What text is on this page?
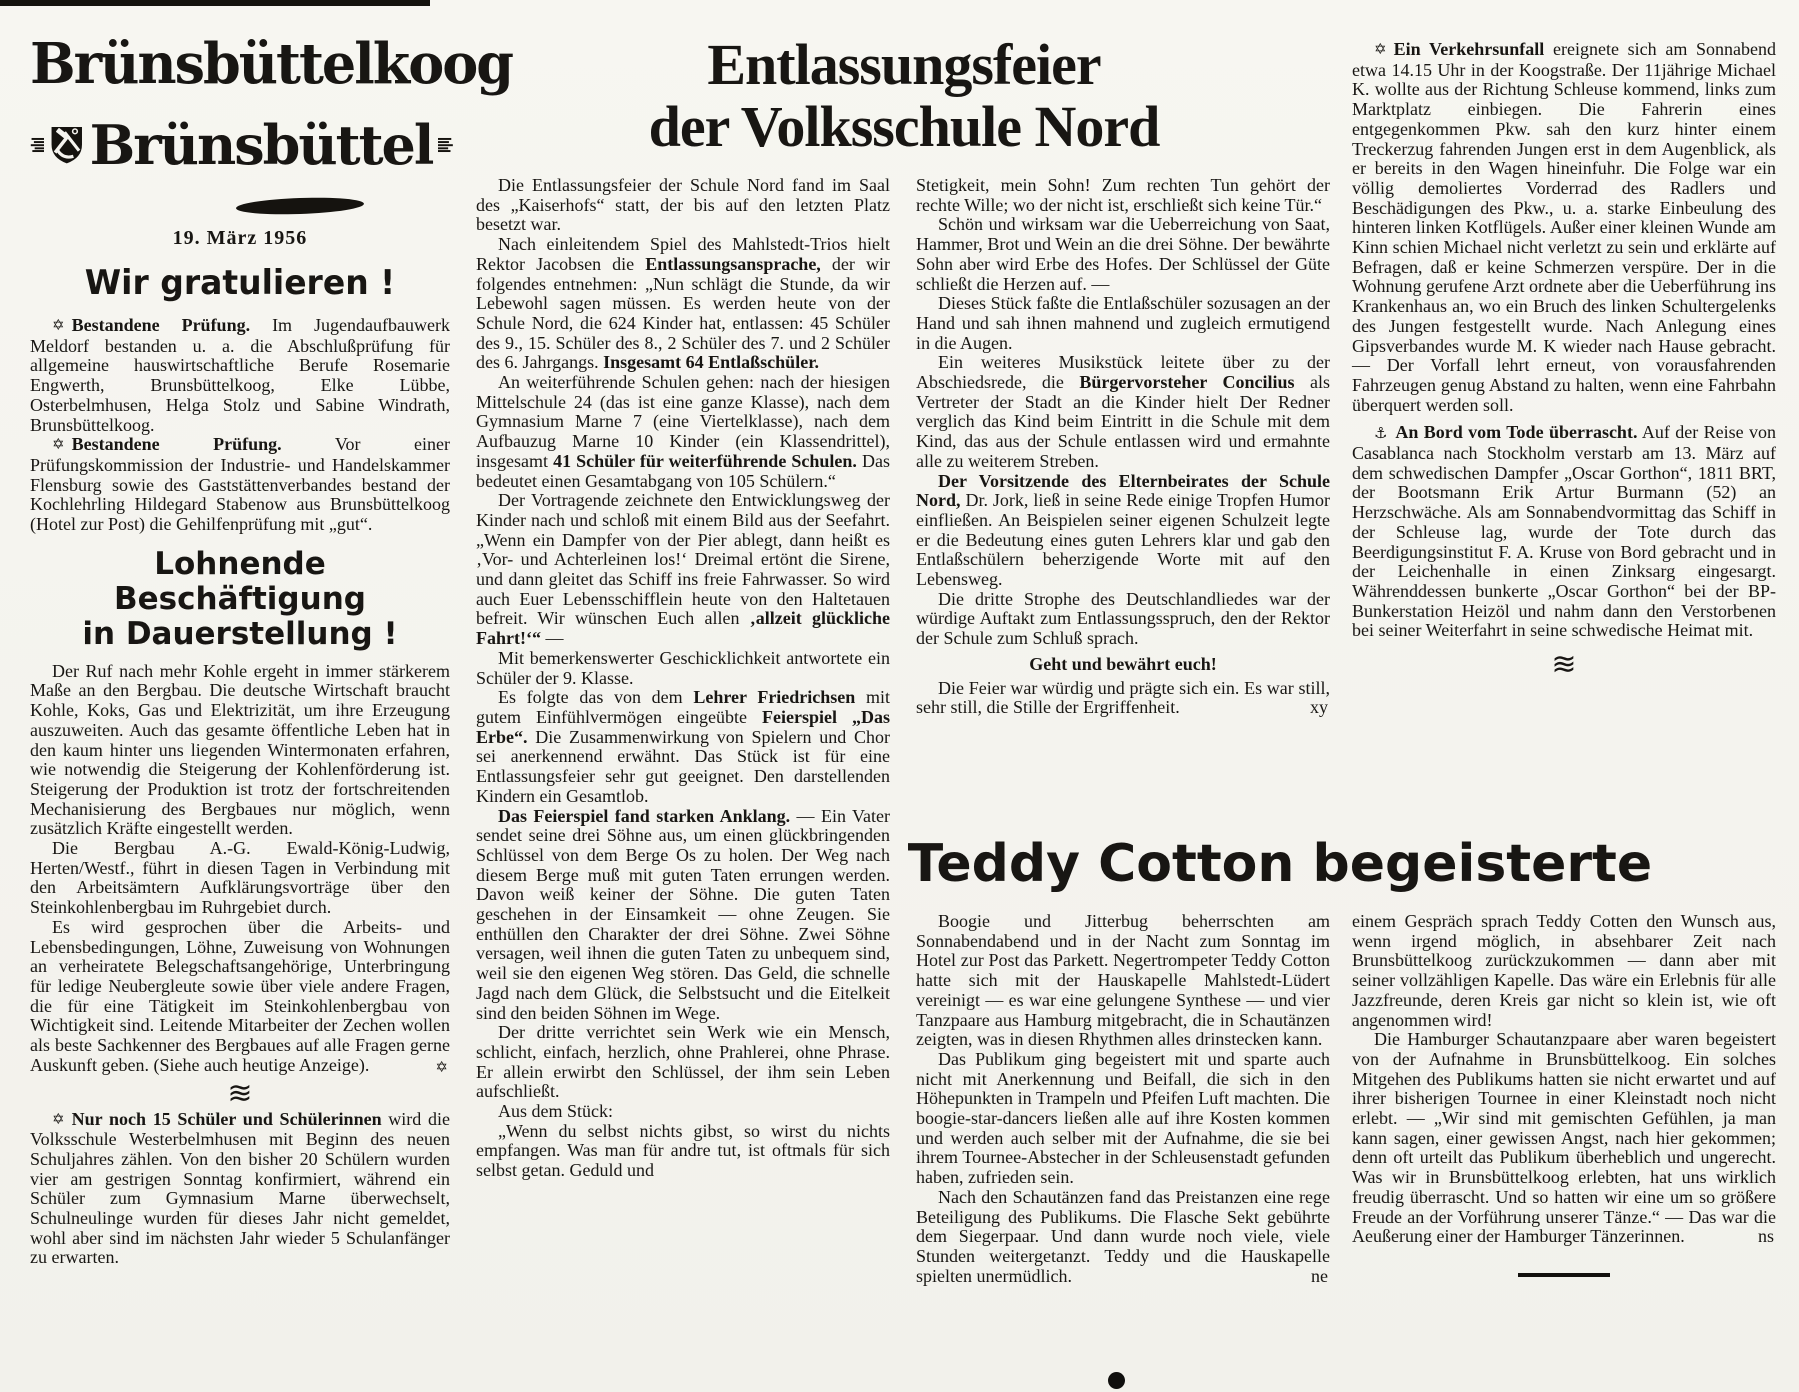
Brünsbüttelkoog
Brünsbüttel
19. März 1956
Wir gratulieren !

✡ Bestandene Prüfung. Im Jugendaufbauwerk Meldorf bestanden u. a. die Abschlußprüfung für allgemeine hauswirtschaftliche Berufe Rosemarie Engwerth, Brunsbüttelkoog, Elke Lübbe, Osterbelmhusen, Helga Stolz und Sabine Windrath, Brunsbüttelkoog.

✡ Bestandene Prüfung. Vor einer Prüfungskommission der Industrie- und Handelskammer Flensburg sowie des Gaststättenverbandes bestand der Kochlehrling Hildegard Stabenow aus Brunsbüttelkoog (Hotel zur Post) die Gehilfenprüfung mit „gut“.

Lohnende Beschäftigung
in Dauerstellung !

Der Ruf nach mehr Kohle ergeht in immer stärkerem Maße an den Bergbau. Die deutsche Wirtschaft braucht Kohle, Koks, Gas und Elektrizität, um ihre Erzeugung auszuweiten. Auch das gesamte öffentliche Leben hat in den kaum hinter uns liegenden Wintermonaten erfahren, wie notwendig die Steigerung der Kohlenförderung ist. Steigerung der Produktion ist trotz der fortschreitenden Mechanisierung des Bergbaues nur möglich, wenn zusätzlich Kräfte eingestellt werden.

Die Bergbau A.-G. Ewald-König-Ludwig, Herten/Westf., führt in diesen Tagen in Verbindung mit den Arbeitsämtern Aufklärungsvorträge über den Steinkohlenbergbau im Ruhrgebiet durch.

Es wird gesprochen über die Arbeits- und Lebensbedingungen, Löhne, Zuweisung von Wohnungen an verheiratete Belegschaftsangehörige, Unterbringung für ledige Neubergleute sowie über viele andere Fragen, die für eine Tätigkeit im Steinkohlenbergbau von Wichtigkeit sind. Leitende Mitarbeiter der Zechen wollen als beste Sachkenner des Bergbaues auf alle Fragen gerne Auskunft geben. (Siehe auch heutige Anzeige).	✡

≋

✡ Nur noch 15 Schüler und Schülerinnen wird die Volksschule Westerbelmhusen mit Beginn des neuen Schuljahres zählen. Von den bisher 20 Schülern wurden vier am gestrigen Sonntag konfirmiert, während ein Schüler zum Gymnasium Marne überwechselt, Schulneulinge wurden für dieses Jahr nicht gemeldet, wohl aber sind im nächsten Jahr wieder 5 Schulanfänger zu erwarten.

Entlassungsfeier
der Volksschule Nord

Die Entlassungsfeier der Schule Nord fand im Saal des „Kaiserhofs“ statt, der bis auf den letzten Platz besetzt war.

Nach einleitendem Spiel des Mahlstedt-Trios hielt Rektor Jacobsen die Entlassungsansprache, der wir folgendes entnehmen: „Nun schlägt die Stunde, da wir Lebewohl sagen müssen. Es werden heute von der Schule Nord, die 624 Kinder hat, entlassen: 45 Schüler des 9., 15. Schüler des 8., 2 Schüler des 7. und 2 Schüler des 6. Jahrgangs. Insgesamt 64 Entlaßschüler.

An weiterführende Schulen gehen: nach der hiesigen Mittelschule 24 (das ist eine ganze Klasse), nach dem Gymnasium Marne 7 (eine Viertelklasse), nach dem Aufbauzug Marne 10 Kinder (ein Klassendrittel), insgesamt 41 Schüler für weiterführende Schulen. Das bedeutet einen Gesamtabgang von 105 Schülern.“

Der Vortragende zeichnete den Entwicklungsweg der Kinder nach und schloß mit einem Bild aus der Seefahrt. „Wenn ein Dampfer von der Pier ablegt, dann heißt es ‚Vor- und Achterleinen los!‘ Dreimal ertönt die Sirene, und dann gleitet das Schiff ins freie Fahrwasser. So wird auch Euer Lebensschifflein heute von den Haltetauen befreit. Wir wünschen Euch allen ‚allzeit glückliche Fahrt!‘“ —

Mit bemerkenswerter Geschicklichkeit antwortete ein Schüler der 9. Klasse.

Es folgte das von dem Lehrer Friedrichsen mit gutem Einfühlvermögen eingeübte Feierspiel „Das Erbe“. Die Zusammenwirkung von Spielern und Chor sei anerkennend erwähnt. Das Stück ist für eine Entlassungsfeier sehr gut geeignet. Den darstellenden Kindern ein Gesamtlob.

Das Feierspiel fand starken Anklang. — Ein Vater sendet seine drei Söhne aus, um einen glückbringenden Schlüssel von dem Berge Os zu holen. Der Weg nach diesem Berge muß mit guten Taten errungen werden. Davon weiß keiner der Söhne. Die guten Taten geschehen in der Einsamkeit — ohne Zeugen. Sie enthüllen den Charakter der drei Söhne. Zwei Söhne versagen, weil ihnen die guten Taten zu unbequem sind, weil sie den eigenen Weg stören. Das Geld, die schnelle Jagd nach dem Glück, die Selbstsucht und die Eitelkeit sind den beiden Söhnen im Wege.

Der dritte verrichtet sein Werk wie ein Mensch, schlicht, einfach, herzlich, ohne Prahlerei, ohne Phrase. Er allein erwirbt den Schlüssel, der ihm sein Leben aufschließt.

Aus dem Stück:

„Wenn du selbst nichts gibst, so wirst du nichts empfangen. Was man für andre tut, ist oftmals für sich selbst getan. Geduld und

Stetigkeit, mein Sohn! Zum rechten Tun gehört der rechte Wille; wo der nicht ist, erschließt sich keine Tür.“

Schön und wirksam war die Ueberreichung von Saat, Hammer, Brot und Wein an die drei Söhne. Der bewährte Sohn aber wird Erbe des Hofes. Der Schlüssel der Güte schließt die Herzen auf. —

Dieses Stück faßte die Entlaßschüler sozusagen an der Hand und sah ihnen mahnend und zugleich ermutigend in die Augen.

Ein weiteres Musikstück leitete über zu der Abschiedsrede, die Bürgervorsteher Concilius als Vertreter der Stadt an die Kinder hielt Der Redner verglich das Kind beim Eintritt in die Schule mit dem Kind, das aus der Schule entlassen wird und ermahnte alle zu weiterem Streben.

Der Vorsitzende des Elternbeirates der Schule Nord, Dr. Jork, ließ in seine Rede einige Tropfen Humor einfließen. An Beispielen seiner eigenen Schulzeit legte er die Bedeutung eines guten Lehrers klar und gab den Entlaßschülern beherzigende Worte mit auf den Lebensweg.

Die dritte Strophe des Deutschlandliedes war der würdige Auftakt zum Entlassungsspruch, den der Rektor der Schule zum Schluß sprach.

Geht und bewährt euch!

Die Feier war würdig und prägte sich ein. Es war still, sehr still, die Stille der Ergriffenheit.	xy

✡ Ein Verkehrsunfall ereignete sich am Sonnabend etwa 14.15 Uhr in der Koogstraße. Der 11jährige Michael K. wollte aus der Richtung Schleuse kommend, links zum Marktplatz einbiegen. Die Fahrerin eines entgegenkommen Pkw. sah den kurz hinter einem Treckerzug fahrenden Jungen erst in dem Augenblick, als er bereits in den Wagen hineinfuhr. Die Folge war ein völlig demoliertes Vorderrad des Radlers und Beschädigungen des Pkw., u. a. starke Einbeulung des hinteren linken Kotflügels. Außer einer kleinen Wunde am Kinn schien Michael nicht verletzt zu sein und erklärte auf Befragen, daß er keine Schmerzen verspüre. Der in die Wohnung gerufene Arzt ordnete aber die Ueberführung ins Krankenhaus an, wo ein Bruch des linken Schultergelenks des Jungen festgestellt wurde. Nach Anlegung eines Gipsverbandes wurde M. K wieder nach Hause gebracht. — Der Vorfall lehrt erneut, von vorausfahrenden Fahrzeugen genug Abstand zu halten, wenn eine Fahrbahn überquert werden soll.

⚓ An Bord vom Tode überrascht. Auf der Reise von Casablanca nach Stockholm verstarb am 13. März auf dem schwedischen Dampfer „Oscar Gorthon“, 1811 BRT, der Bootsmann Erik Artur Burmann (52) an Herzschwäche. Als am Sonnabendvormittag das Schiff in der Schleuse lag, wurde der Tote durch das Beerdigungsinstitut F. A. Kruse von Bord gebracht und in der Leichenhalle in einen Zinksarg eingesargt. Währenddessen bunkerte „Oscar Gorthon“ bei der BP-Bunkerstation Heizöl und nahm dann den Verstorbenen bei seiner Weiterfahrt in seine schwedische Heimat mit.

≋
Teddy Cotton begeisterte

Boogie und Jitterbug beherrschten am Sonnabendabend und in der Nacht zum Sonntag im Hotel zur Post das Parkett. Negertrompeter Teddy Cotton hatte sich mit der Hauskapelle Mahlstedt-Lüdert vereinigt — es war eine gelungene Synthese — und vier Tanzpaare aus Hamburg mitgebracht, die in Schautänzen zeigten, was in diesen Rhythmen alles drinstecken kann.

Das Publikum ging begeistert mit und sparte auch nicht mit Anerkennung und Beifall, die sich in den Höhepunkten in Trampeln und Pfeifen Luft machten. Die boogie-star-dancers ließen alle auf ihre Kosten kommen und werden auch selber mit der Aufnahme, die sie bei ihrem Tournee-Abstecher in der Schleusenstadt gefunden haben, zufrieden sein.

Nach den Schautänzen fand das Preistanzen eine rege Beteiligung des Publikums. Die Flasche Sekt gebührte dem Siegerpaar. Und dann wurde noch viele, viele Stunden weitergetanzt. Teddy und die Hauskapelle spielten unermüdlich.	ne

einem Gespräch sprach Teddy Cotten den Wunsch aus, wenn irgend möglich, in absehbarer Zeit nach Brunsbüttelkoog zurückzukommen — dann aber mit seiner vollzähligen Kapelle. Das wäre ein Erlebnis für alle Jazzfreunde, deren Kreis gar nicht so klein ist, wie oft angenommen wird!

Die Hamburger Schautanzpaare aber waren begeistert von der Aufnahme in Brunsbüttelkoog. Ein solches Mitgehen des Publikums hatten sie nicht erwartet und auf ihrer bisherigen Tournee in einer Kleinstadt noch nicht erlebt. — „Wir sind mit gemischten Gefühlen, ja man kann sagen, einer gewissen Angst, nach hier gekommen; denn oft urteilt das Publikum überheblich und ungerecht. Was wir in Brunsbüttelkoog erlebten, hat uns wirklich freudig überrascht. Und so hatten wir eine um so größere Freude an der Vorführung unserer Tänze.“ — Das war die Aeußerung einer der Hamburger Tänzerinnen.	ns
